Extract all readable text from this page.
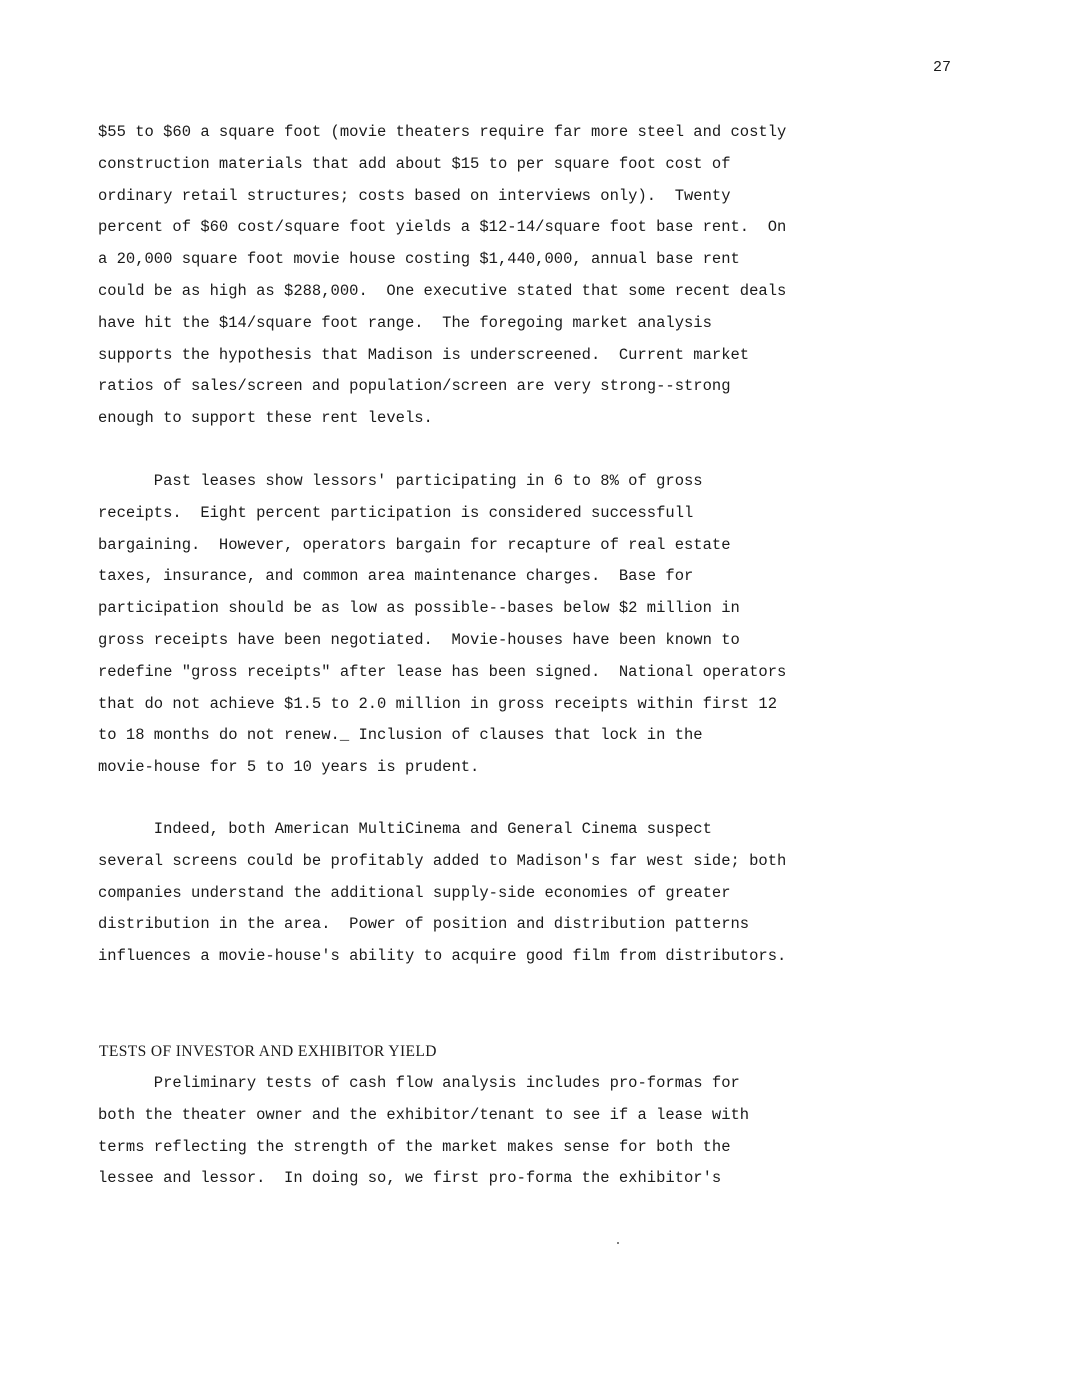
27
$55 to $60 a square foot (movie theaters require far more steel and costly
construction materials that add about $15 to per square foot cost of
ordinary retail structures; costs based on interviews only).  Twenty
percent of $60 cost/square foot yields a $12-14/square foot base rent.  On
a 20,000 square foot movie house costing $1,440,000, annual base rent
could be as high as $288,000.  One executive stated that some recent deals
have hit the $14/square foot range.  The foregoing market analysis
supports the hypothesis that Madison is underscreened.  Current market
ratios of sales/screen and population/screen are very strong--strong
enough to support these rent levels.
Past leases show lessors' participating in 6 to 8% of gross
receipts.  Eight percent participation is considered successfull
bargaining.  However, operators bargain for recapture of real estate
taxes, insurance, and common area maintenance charges.  Base for
participation should be as low as possible--bases below $2 million in
gross receipts have been negotiated.  Movie-houses have been known to
redefine "gross receipts" after lease has been signed.  National operators
that do not achieve $1.5 to 2.0 million in gross receipts within first 12
to 18 months do not renew._ Inclusion of clauses that lock in the
movie-house for 5 to 10 years is prudent.
Indeed, both American MultiCinema and General Cinema suspect
several screens could be profitably added to Madison's far west side; both
companies understand the additional supply-side economies of greater
distribution in the area.  Power of position and distribution patterns
influences a movie-house's ability to acquire good film from distributors.
TESTS OF INVESTOR AND EXHIBITOR YIELD
Preliminary tests of cash flow analysis includes pro-formas for
both the theater owner and the exhibitor/tenant to see if a lease with
terms reflecting the strength of the market makes sense for both the
lessee and lessor.  In doing so, we first pro-forma the exhibitor's
